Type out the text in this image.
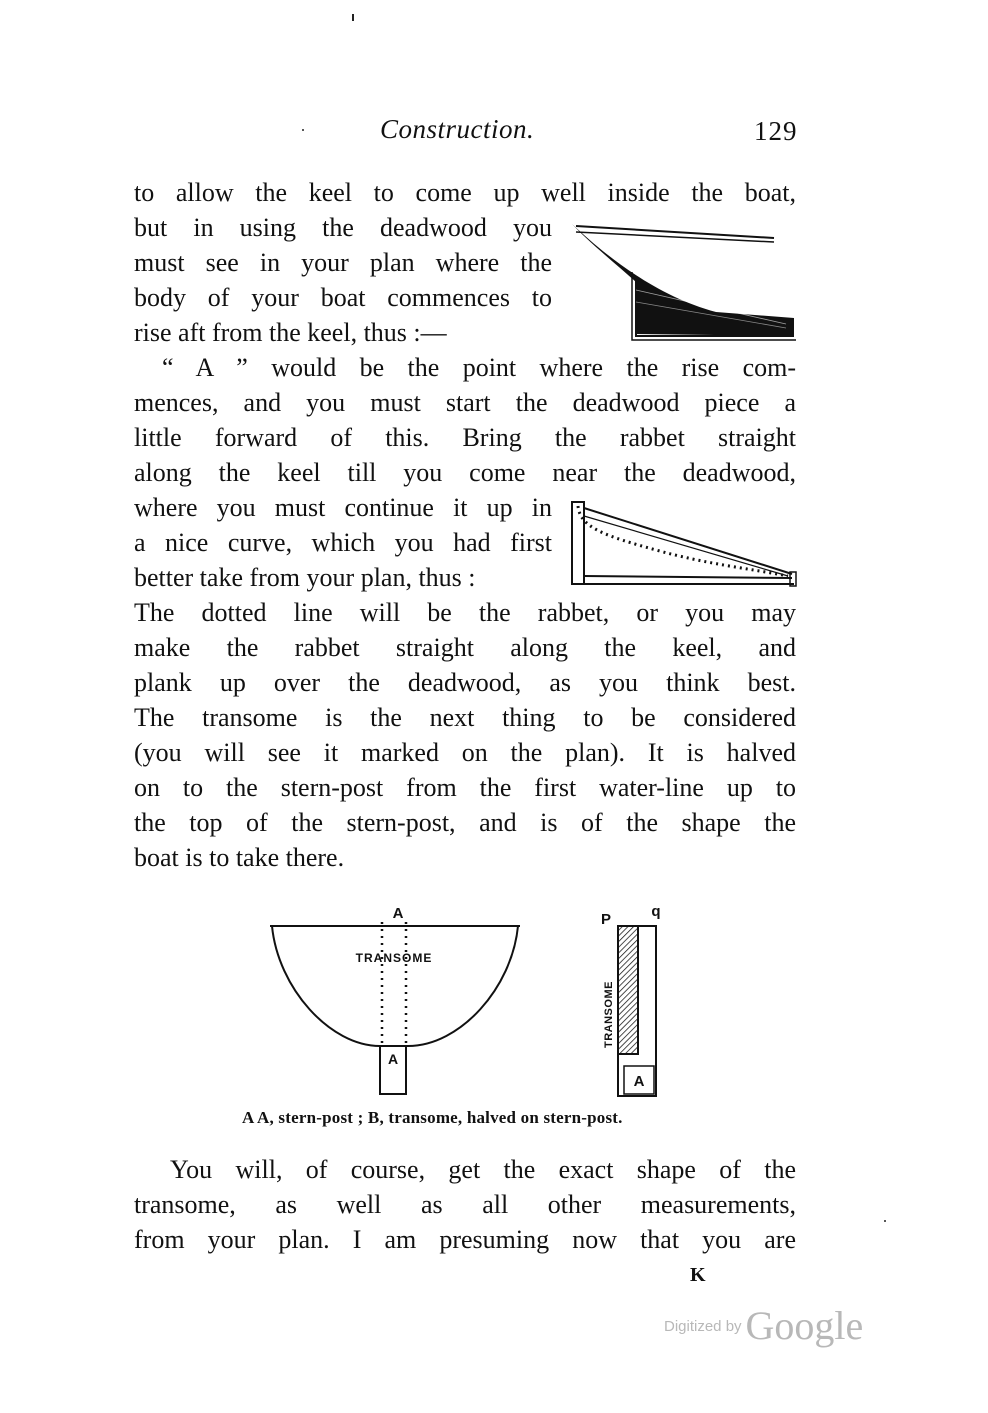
Construction.	129
to allow the keel to come up well inside the boat,
but in using the deadwood you
must see in your plan where the
body of your boat commences to
rise aft from the keel, thus :—
“ A ” would be the point where the rise com-
mences, and you must start the deadwood piece a
little forward of this. Bring the rabbet straight
along the keel till you come near the deadwood,
where you must continue it up in
a nice curve, which you had first
better take from your plan, thus :
The dotted line will be the rabbet, or you may
make the rabbet straight along the keel, and
plank up over the deadwood, as you think best.
The transome is the next thing to be considered
(you will see it marked on the plan). It is halved
on to the stern-post from the first water-line up to
the top of the stern-post, and is of the shape the
boat is to take there.
A
TRANSOME
A
P	q
TRANSOME
A
A A, stern-post ; B, transome, halved on stern-post.
You will, of course, get the exact shape of the
transome, as well as all other measurements,
from your plan. I am presuming now that you are
K
Digitized by Google
